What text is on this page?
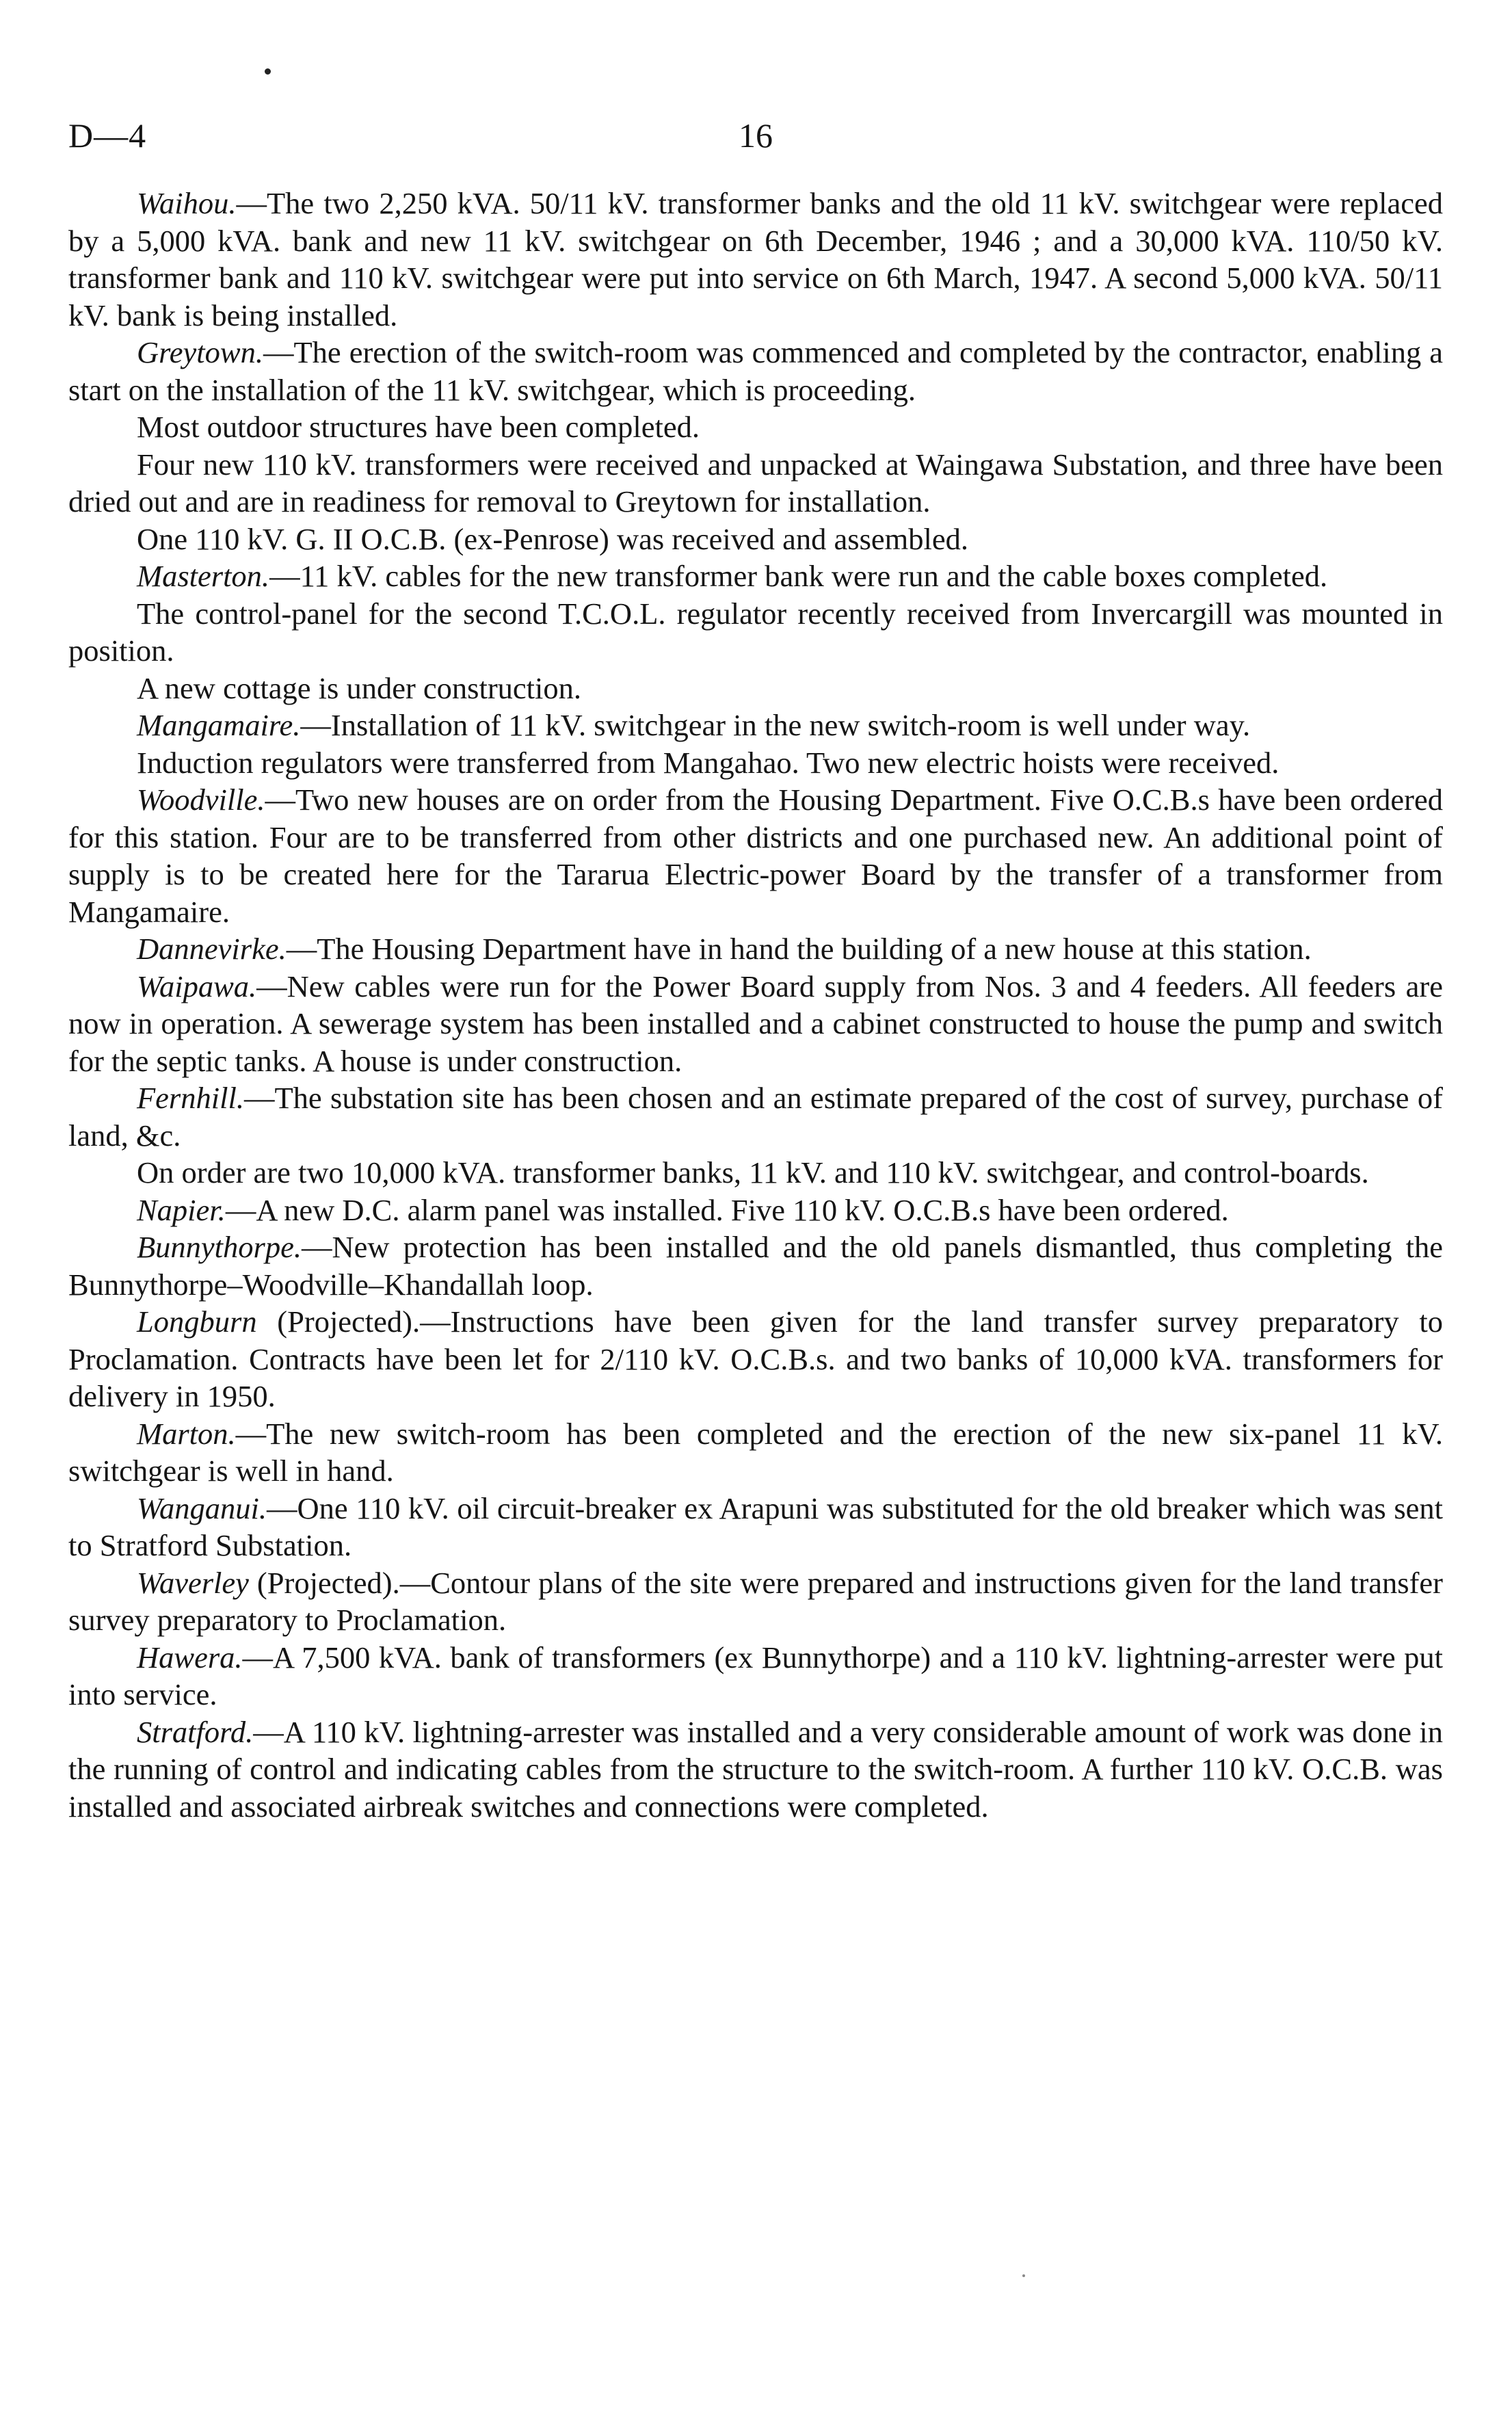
D—4	16

Waihou.—The two 2,250 kVA. 50/11 kV. transformer banks and the old 11 kV. switchgear were replaced by a 5,000 kVA. bank and new 11 kV. switchgear on 6th December, 1946 ; and a 30,000 kVA. 110/50 kV. transformer bank and 110 kV. switchgear were put into service on 6th March, 1947. A second 5,000 kVA. 50/11 kV. bank is being installed.

Greytown.—The erection of the switch-room was commenced and completed by the contractor, enabling a start on the installation of the 11 kV. switchgear, which is proceeding.

Most outdoor structures have been completed.

Four new 110 kV. transformers were received and unpacked at Waingawa Substation, and three have been dried out and are in readiness for removal to Greytown for installation.

One 110 kV. G. II O.C.B. (ex-Penrose) was received and assembled.

Masterton.—11 kV. cables for the new transformer bank were run and the cable boxes completed.

The control-panel for the second T.C.O.L. regulator recently received from Invercargill was mounted in position.

A new cottage is under construction.

Mangamaire.—Installation of 11 kV. switchgear in the new switch-room is well under way.

Induction regulators were transferred from Mangahao. Two new electric hoists were received.

Woodville.—Two new houses are on order from the Housing Department. Five O.C.B.s have been ordered for this station. Four are to be transferred from other districts and one purchased new. An additional point of supply is to be created here for the Tararua Electric-power Board by the transfer of a transformer from Mangamaire.

Dannevirke.—The Housing Department have in hand the building of a new house at this station.

Waipawa.—New cables were run for the Power Board supply from Nos. 3 and 4 feeders. All feeders are now in operation. A sewerage system has been installed and a cabinet constructed to house the pump and switch for the septic tanks. A house is under construction.

Fernhill.—The substation site has been chosen and an estimate prepared of the cost of survey, purchase of land, &c.

On order are two 10,000 kVA. transformer banks, 11 kV. and 110 kV. switchgear, and control-boards.

Napier.—A new D.C. alarm panel was installed. Five 110 kV. O.C.B.s have been ordered.

Bunnythorpe.—New protection has been installed and the old panels dismantled, thus completing the Bunnythorpe–Woodville–Khandallah loop.

Longburn (Projected).—Instructions have been given for the land transfer survey preparatory to Proclamation. Contracts have been let for 2/110 kV. O.C.B.s. and two banks of 10,000 kVA. transformers for delivery in 1950.

Marton.—The new switch-room has been completed and the erection of the new six-panel 11 kV. switchgear is well in hand.

Wanganui.—One 110 kV. oil circuit-breaker ex Arapuni was substituted for the old breaker which was sent to Stratford Substation.

Waverley (Projected).—Contour plans of the site were prepared and instructions given for the land transfer survey preparatory to Proclamation.

Hawera.—A 7,500 kVA. bank of transformers (ex Bunnythorpe) and a 110 kV. lightning-arrester were put into service.

Stratford.—A 110 kV. lightning-arrester was installed and a very considerable amount of work was done in the running of control and indicating cables from the structure to the switch-room. A further 110 kV. O.C.B. was installed and associated airbreak switches and connections were completed.
